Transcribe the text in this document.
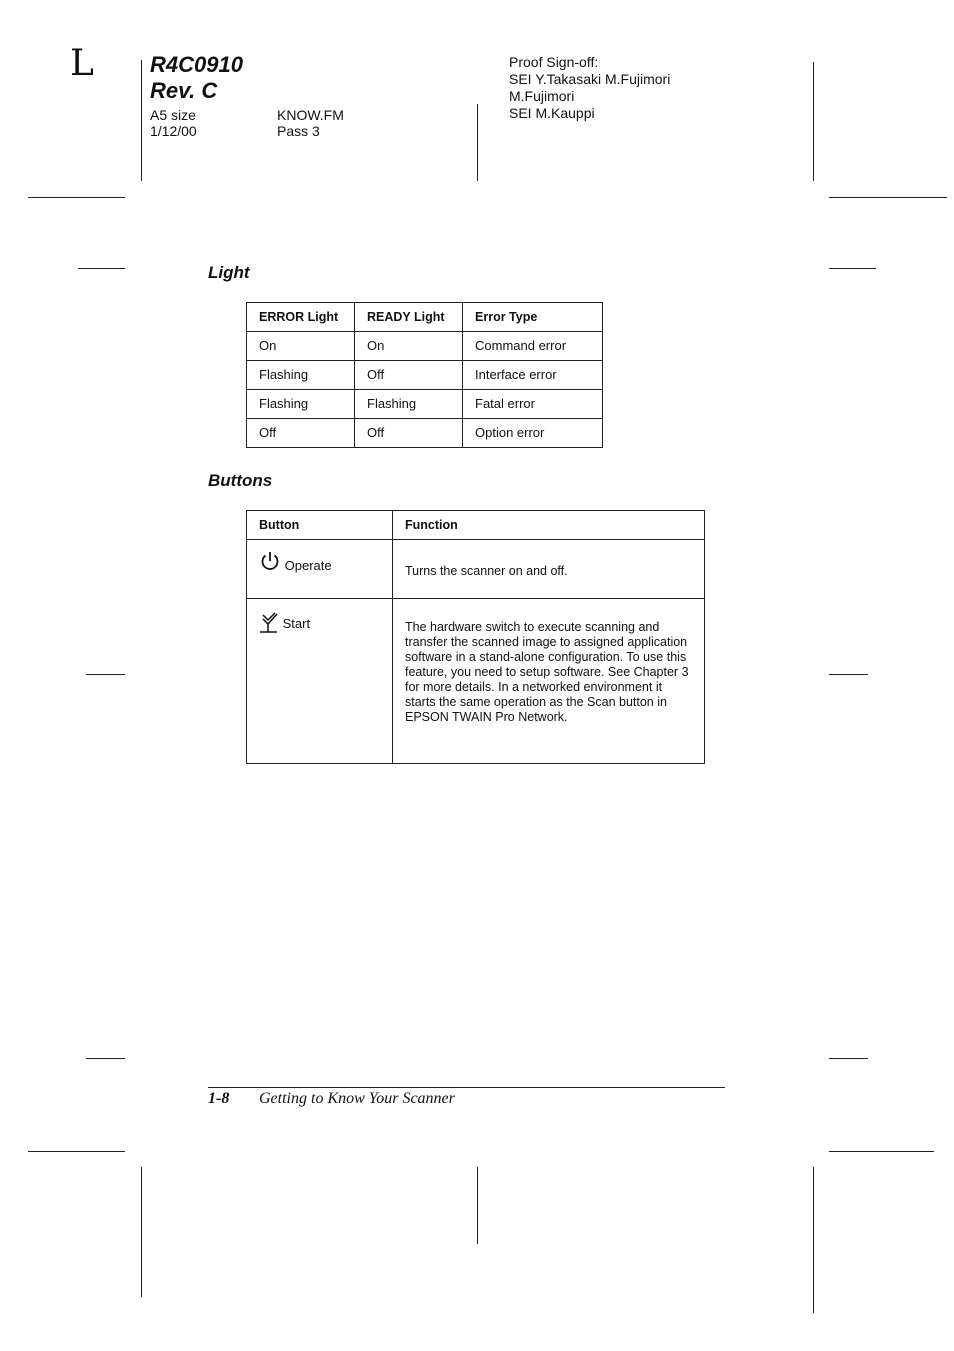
L	R4C0910
Rev. C
A5 size
1/12/00
KNOW.FM
Pass 3
Proof Sign-off:
SEI Y.Takasaki M.Fujimori
M.Fujimori
SEI M.Kauppi
Light
ERROR Light	READY Light	Error Type
On	On	Command error
Flashing	Off	Interface error
Flashing	Flashing	Fatal error
Off	Off	Option error
Buttons
Button	Function
Operate	Turns the scanner on and off.
Start	The hardware switch to execute scanning and transfer the scanned image to assigned application software in a stand-alone configuration. To use this feature, you need to setup software. See Chapter 3 for more details. In a networked environment it starts the same operation as the Scan button in EPSON TWAIN Pro Network.
1-8 Getting to Know Your Scanner
